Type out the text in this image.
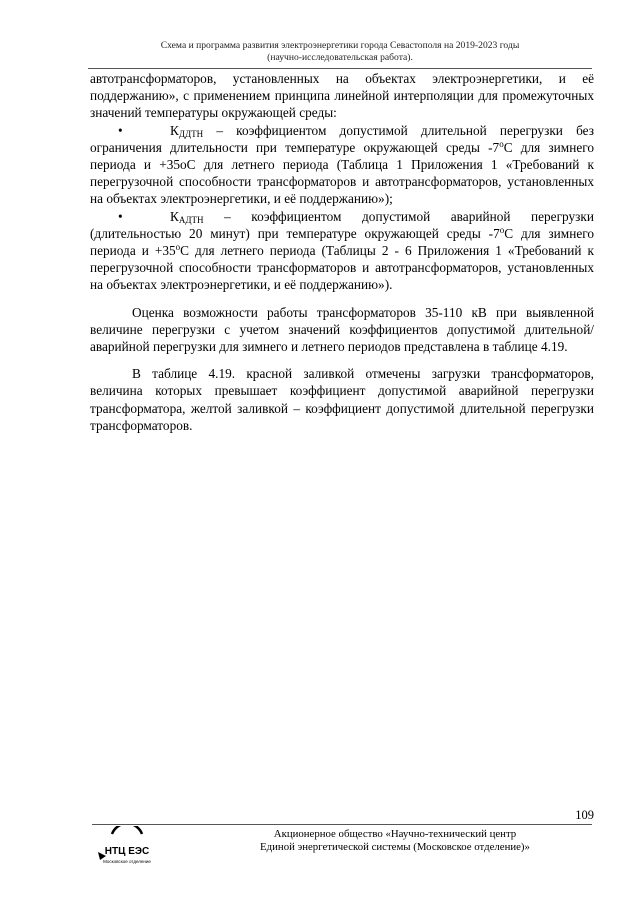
Схема и программа развития электроэнергетики города Севастополя на 2019-2023 годы
(научно-исследовательская работа).

автотрансформаторов, установленных на объектах электроэнергетики, и её поддержанию», с применением принципа линейной интерполяции для промежуточных значений температуры окружающей среды:

•	$К_{ДДТН}$ – коэффициентом допустимой длительной перегрузки без ограничения длительности при температуре окружающей среды -7$^o$С для зимнего периода и +35оС для летнего периода (Таблица 1 Приложения 1 «Требований к перегрузочной способности трансформаторов и автотрансформаторов, установленных на объектах электроэнергетики, и её поддержанию»);

•	$К_{АДТН}$ – коэффициентом допустимой аварийной перегрузки (длительностью 20 минут) при температуре окружающей среды $-7^оС$ для зимнего периода $и +35^оС$ для летнего периода (Таблицы 2 - 6 Приложения 1 «Требований к перегрузочной способности трансформаторов и автотрансформаторов, установленных на объектах электроэнергетики, и её поддержанию»).

Оценка возможности работы трансформаторов 35-110 кВ при выявленной величине перегрузки с учетом значений коэффициентов допустимой длительной/аварийной перегрузки для зимнего и летнего периодов представлена в таблице 4.19.

В таблице 4.19. красной заливкой отмечены загрузки трансформаторов, величина которых превышает коэффициент допустимой аварийной перегрузки трансформатора, желтой заливкой – коэффициент допустимой длительной перегрузки трансформаторов.

109
НТЦ ЕЭС
Московское отделение
Акционерное общество «Научно-технический центр
Единой энергетической системы (Московское отделение)»
